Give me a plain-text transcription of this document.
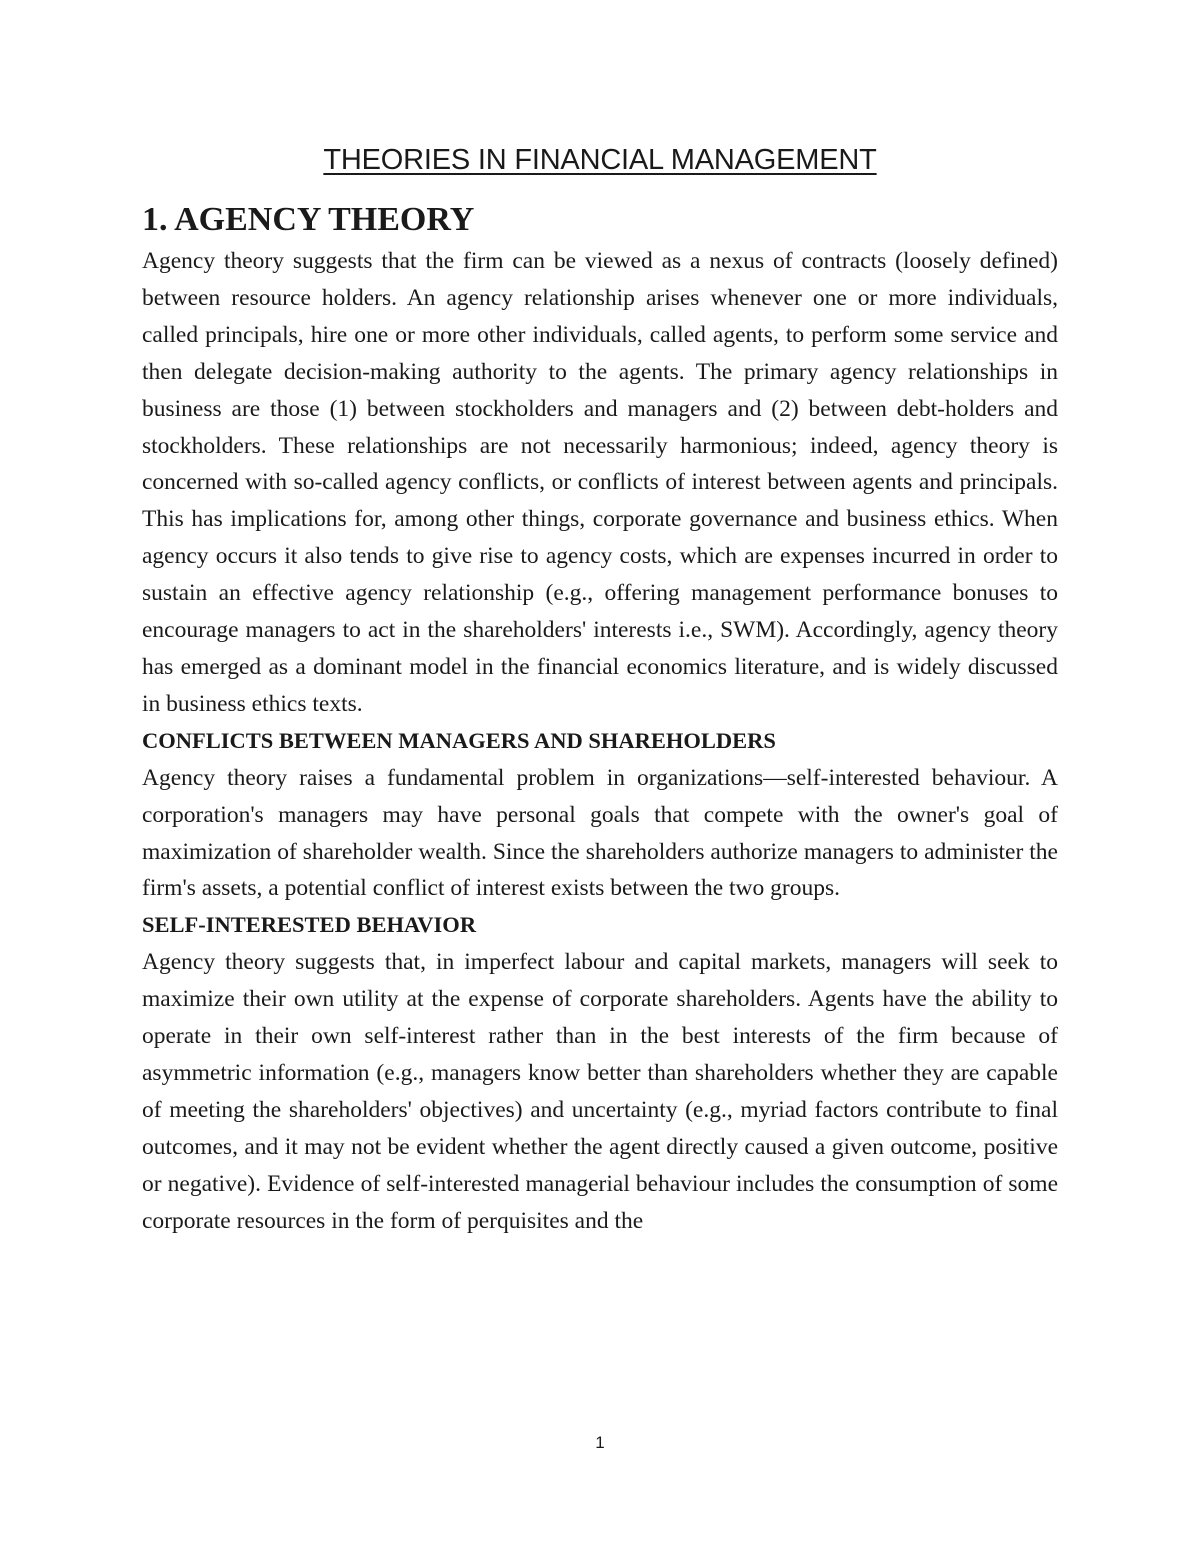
THEORIES IN FINANCIAL MANAGEMENT
1. AGENCY THEORY

Agency theory suggests that the firm can be viewed as a nexus of contracts (loosely defined) between resource holders. An agency relationship arises whenever one or more individuals, called principals, hire one or more other individuals, called agents, to perform some service and then delegate decision-making authority to the agents. The primary agency relationships in business are those (1) between stockholders and managers and (2) between debt-holders and stockholders. These relationships are not necessarily harmonious; indeed, agency theory is concerned with so-called agency conflicts, or conflicts of interest between agents and principals. This has implications for, among other things, corporate governance and business ethics. When agency occurs it also tends to give rise to agency costs, which are expenses incurred in order to sustain an effective agency relationship (e.g., offering management performance bonuses to encourage managers to act in the shareholders' interests i.e., SWM). Accordingly, agency theory has emerged as a dominant model in the financial economics literature, and is widely discussed in business ethics texts.

CONFLICTS BETWEEN MANAGERS AND SHAREHOLDERS

Agency theory raises a fundamental problem in organizations—self-interested behaviour. A corporation's managers may have personal goals that compete with the owner's goal of maximization of shareholder wealth. Since the shareholders authorize managers to administer the firm's assets, a potential conflict of interest exists between the two groups.

SELF-INTERESTED BEHAVIOR

Agency theory suggests that, in imperfect labour and capital markets, managers will seek to maximize their own utility at the expense of corporate shareholders. Agents have the ability to operate in their own self-interest rather than in the best interests of the firm because of asymmetric information (e.g., managers know better than shareholders whether they are capable of meeting the shareholders' objectives) and uncertainty (e.g., myriad factors contribute to final outcomes, and it may not be evident whether the agent directly caused a given outcome, positive or negative). Evidence of self-interested managerial behaviour includes the consumption of some corporate resources in the form of perquisites and the

1
